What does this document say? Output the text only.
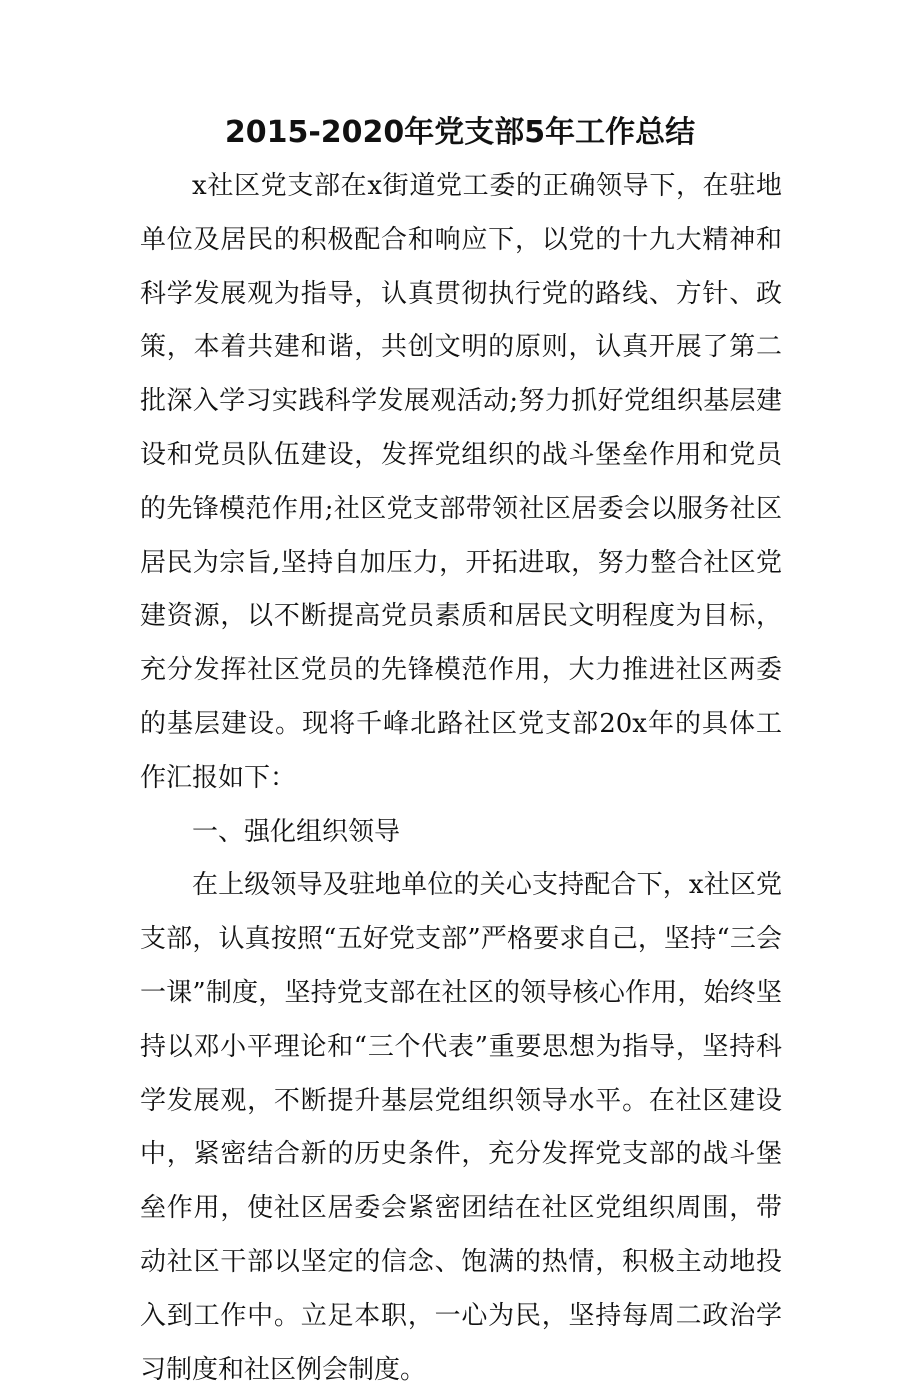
2015-2020年党支部5年工作总结

x社区党支部在x街道党工委的正确领导下，在驻地单位及居民的积极配合和响应下，以党的十九大精神和科学发展观为指导，认真贯彻执行党的路线、方针、政策，本着共建和谐，共创文明的原则，认真开展了第二批深入学习实践科学发展观活动;努力抓好党组织基层建设和党员队伍建设，发挥党组织的战斗堡垒作用和党员的先锋模范作用;社区党支部带领社区居委会以服务社区居民为宗旨,坚持自加压力，开拓进取，努力整合社区党建资源，以不断提高党员素质和居民文明程度为目标，充分发挥社区党员的先锋模范作用，大力推进社区两委的基层建设。现将千峰北路社区党支部20x年的具体工作汇报如下：

一、强化组织领导

在上级领导及驻地单位的关心支持配合下，x社区党支部，认真按照“五好党支部”严格要求自己，坚持“三会一课”制度，坚持党支部在社区的领导核心作用，始终坚持以邓小平理论和“三个代表”重要思想为指导，坚持科学发展观，不断提升基层党组织领导水平。在社区建设中，紧密结合新的历史条件，充分发挥党支部的战斗堡垒作用，使社区居委会紧密团结在社区党组织周围，带动社区干部以坚定的信念、饱满的热情，积极主动地投入到工作中。立足本职，一心为民，坚持每周二政治学习制度和社区例会制度。
